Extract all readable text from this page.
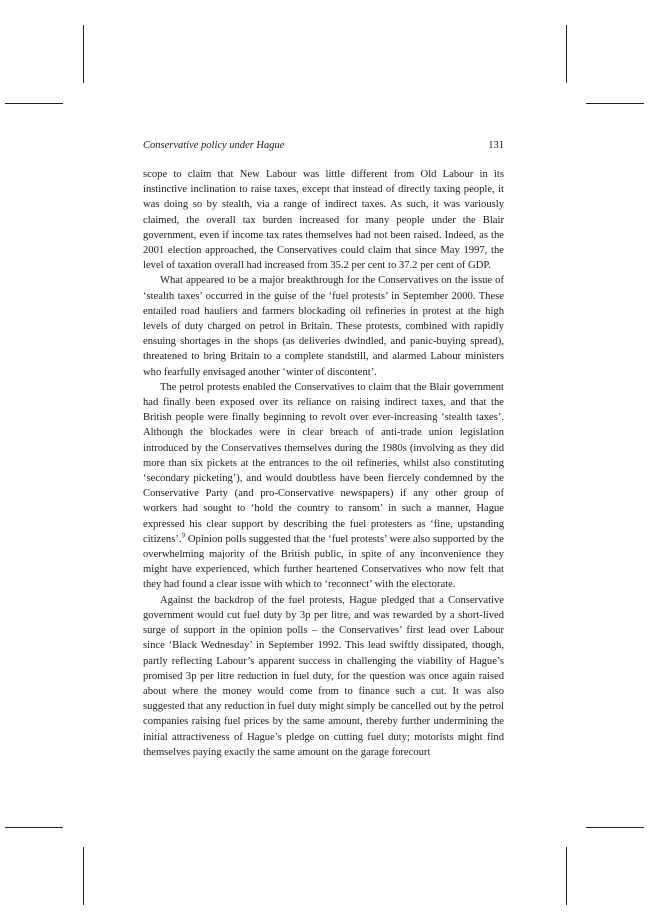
Conservative policy under Hague	131

scope to claim that New Labour was little different from Old Labour in its instinctive inclination to raise taxes, except that instead of directly taxing people, it was doing so by stealth, via a range of indirect taxes. As such, it was variously claimed, the overall tax burden increased for many people under the Blair government, even if income tax rates themselves had not been raised. Indeed, as the 2001 election approached, the Conservatives could claim that since May 1997, the level of taxation overall had increased from 35.2 per cent to 37.2 per cent of GDP.

What appeared to be a major breakthrough for the Conservatives on the issue of ‘stealth taxes’ occurred in the guise of the ‘fuel protests’ in September 2000. These entailed road hauliers and farmers blockading oil refineries in protest at the high levels of duty charged on petrol in Britain. These protests, combined with rapidly ensuing shortages in the shops (as deliveries dwindled, and panic-buying spread), threatened to bring Britain to a complete standstill, and alarmed Labour ministers who fearfully envisaged another ‘winter of discontent’.

The petrol protests enabled the Conservatives to claim that the Blair government had finally been exposed over its reliance on raising indirect taxes, and that the British people were finally beginning to revolt over ever-increasing ‘stealth taxes’. Although the blockades were in clear breach of anti-trade union legislation introduced by the Conservatives themselves during the 1980s (involving as they did more than six pickets at the entrances to the oil refineries, whilst also constituting ‘secondary picketing’), and would doubtless have been fiercely condemned by the Conservative Party (and pro-Conservative newspapers) if any other group of workers had sought to ‘hold the country to ransom’ in such a manner, Hague expressed his clear support by describing the fuel protesters as ‘fine, upstanding citizens’.$^9$ Opinion polls suggested that the ‘fuel protests’ were also supported by the overwhelming majority of the British public, in spite of any inconvenience they might have experienced, which further heartened Conservatives who now felt that they had found a clear issue with which to ‘reconnect’ with the electorate.

Against the backdrop of the fuel protests, Hague pledged that a Conservative government would cut fuel duty by 3p per litre, and was rewarded by a short-lived surge of support in the opinion polls – the Conservatives’ first lead over Labour since ‘Black Wednesday’ in September 1992. This lead swiftly dissipated, though, partly reflecting Labour’s apparent success in challenging the viability of Hague’s promised 3p per litre reduction in fuel duty, for the question was once again raised about where the money would come from to finance such a cut. It was also suggested that any reduction in fuel duty might simply be cancelled out by the petrol companies raising fuel prices by the same amount, thereby further undermining the initial attractiveness of Hague’s pledge on cutting fuel duty; motorists might find themselves paying exactly the same amount on the garage forecourt
